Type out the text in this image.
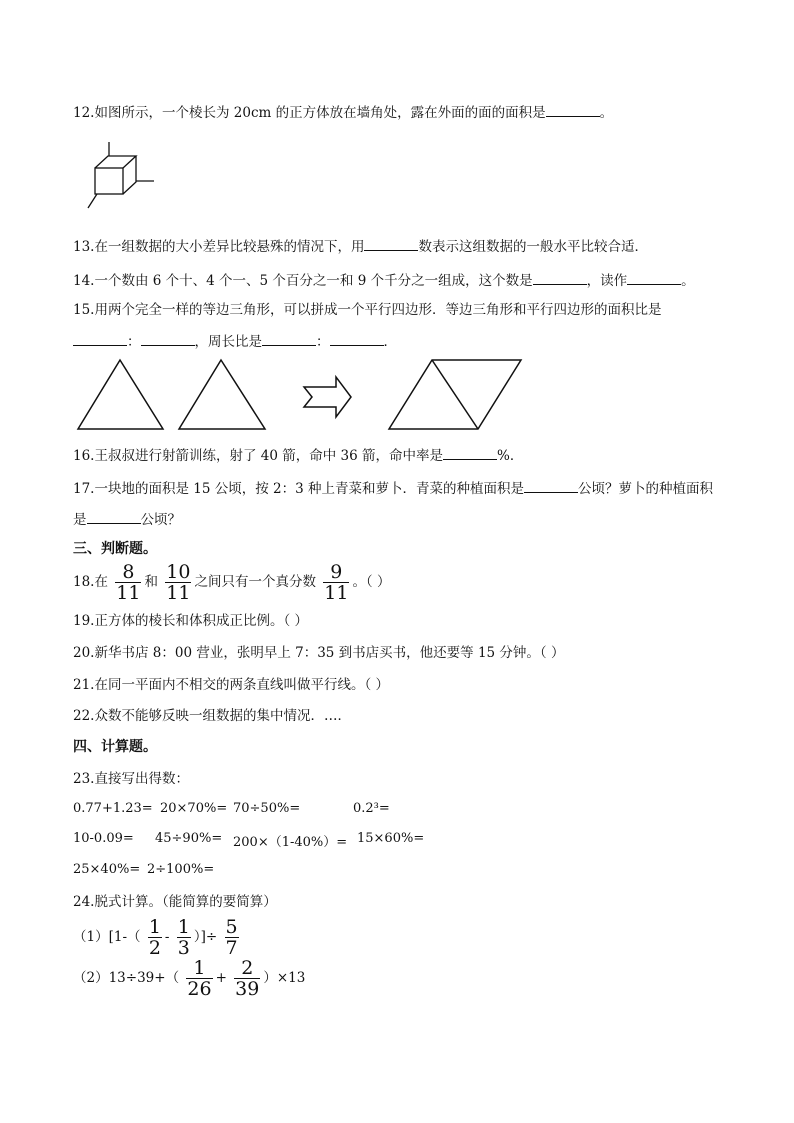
12.如图所示，一个棱长为 20cm 的正方体放在墙角处，露在外面的面的面积是	。
13.在一组数据的大小差异比较悬殊的情况下，用	数表示这组数据的一般水平比较合适．
14.一个数由 6 个十、4 个一、5 个百分之一和 9 个千分之一组成，这个数是	，读作	。
15.用两个完全一样的等边三角形，可以拼成一个平行四边形．等边三角形和平行四边形的面积比是
：	，周长比是	：	．
16.王叔叔进行射箭训练，射了 40 箭，命中 36 箭，命中率是	%．
17.一块地的面积是 15 公顷，按 2：3 种上青菜和萝卜．青菜的种植面积是	公顷？萝卜的种植面积
是	公顷？
三、判断题。
18.在 $\frac{8}{11}$ 和 $\frac{10}{11}$ 之间只有一个真分数 $\frac{9}{11}$ 。（ ）
19.正方体的棱长和体积成正比例。（ ）
20.新华书店 8：00 营业，张明早上 7：35 到书店买书，他还要等 15 分钟。（ ）
21.在同一平面内不相交的两条直线叫做平行线。（ ）
22.众数不能够反映一组数据的集中情况．…．
四、计算题。
23.直接写出得数：
0.77+1.23= 20×70%= 70÷50%=	0.2³=
10-0.09= 45÷90%= 200×（1-40%）= 15×60%=
25×40%= 2÷100%=
24.脱式计算。（能简算的要简算）
$(1)[1-( \frac{1}{2} - \frac{1}{3}$ ）]÷ $\frac{5}{7}$
$(2)13\div 39+( \frac{1}{26} + \frac{2}{39} )\times 13$
